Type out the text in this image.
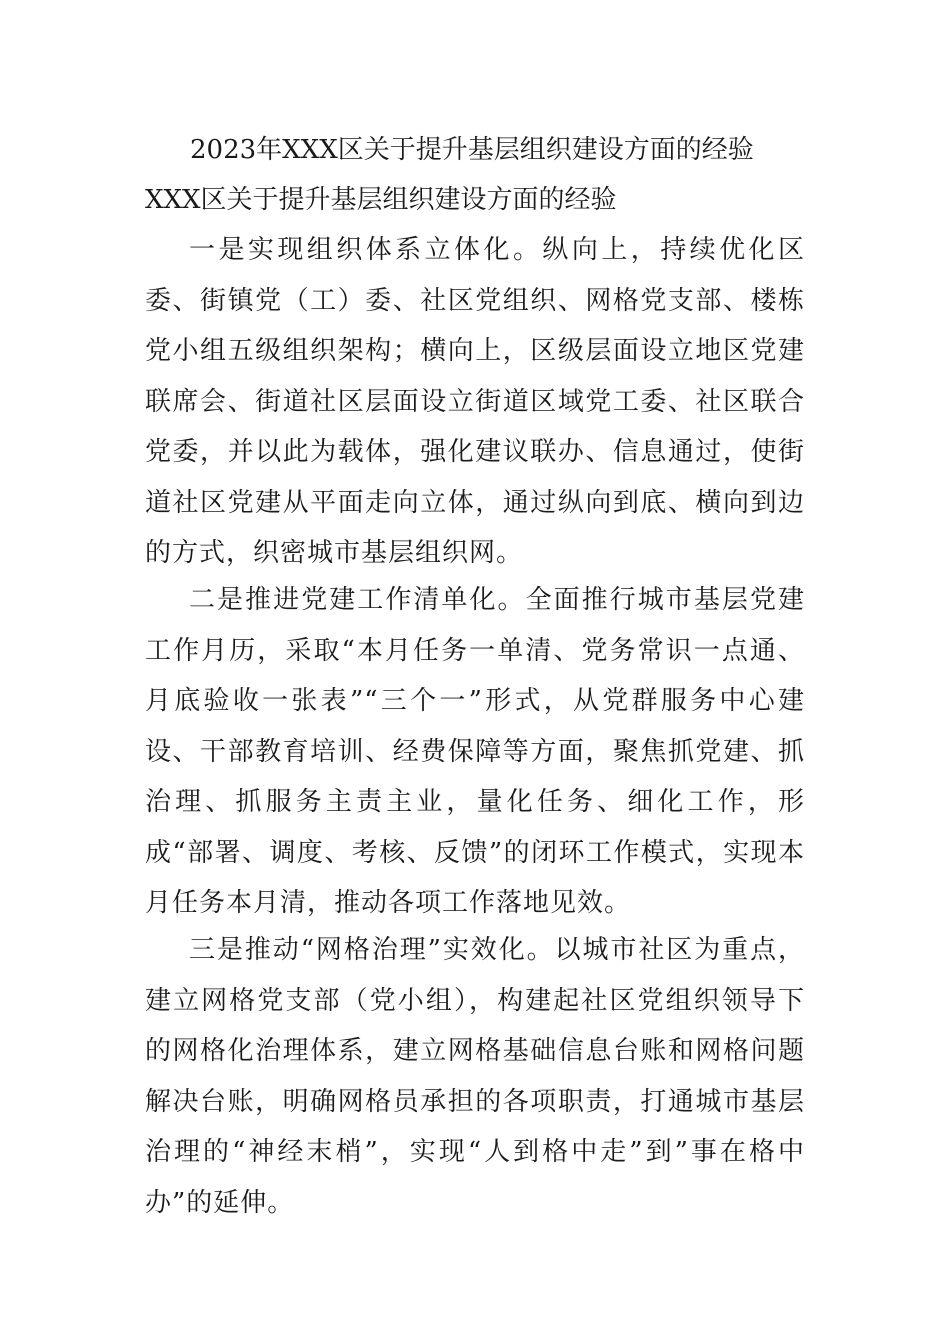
2023年XXX区关于提升基层组织建设方面的经验
XXX区关于提升基层组织建设方面的经验
一是实现组织体系立体化。纵向上，持续优化区委、街镇党（工）委、社区党组织、网格党支部、楼栋党小组五级组织架构；横向上，区级层面设立地区党建联席会、街道社区层面设立街道区域党工委、社区联合党委，并以此为载体，强化建议联办、信息通过，使街道社区党建从平面走向立体，通过纵向到底、横向到边的方式，织密城市基层组织网。
二是推进党建工作清单化。全面推行城市基层党建工作月历，采取“本月任务一单清、党务常识一点通、月底验收一张表”“三个一”形式，从党群服务中心建设、干部教育培训、经费保障等方面，聚焦抓党建、抓治理、抓服务主责主业，量化任务、细化工作，形成“部署、调度、考核、反馈”的闭环工作模式，实现本月任务本月清，推动各项工作落地见效。
三是推动“网格治理”实效化。以城市社区为重点，建立网格党支部（党小组），构建起社区党组织领导下的网格化治理体系，建立网格基础信息台账和网格问题解决台账，明确网格员承担的各项职责，打通城市基层治理的“神经末梢”，实现“人到格中走”到”事在格中办”的延伸。
